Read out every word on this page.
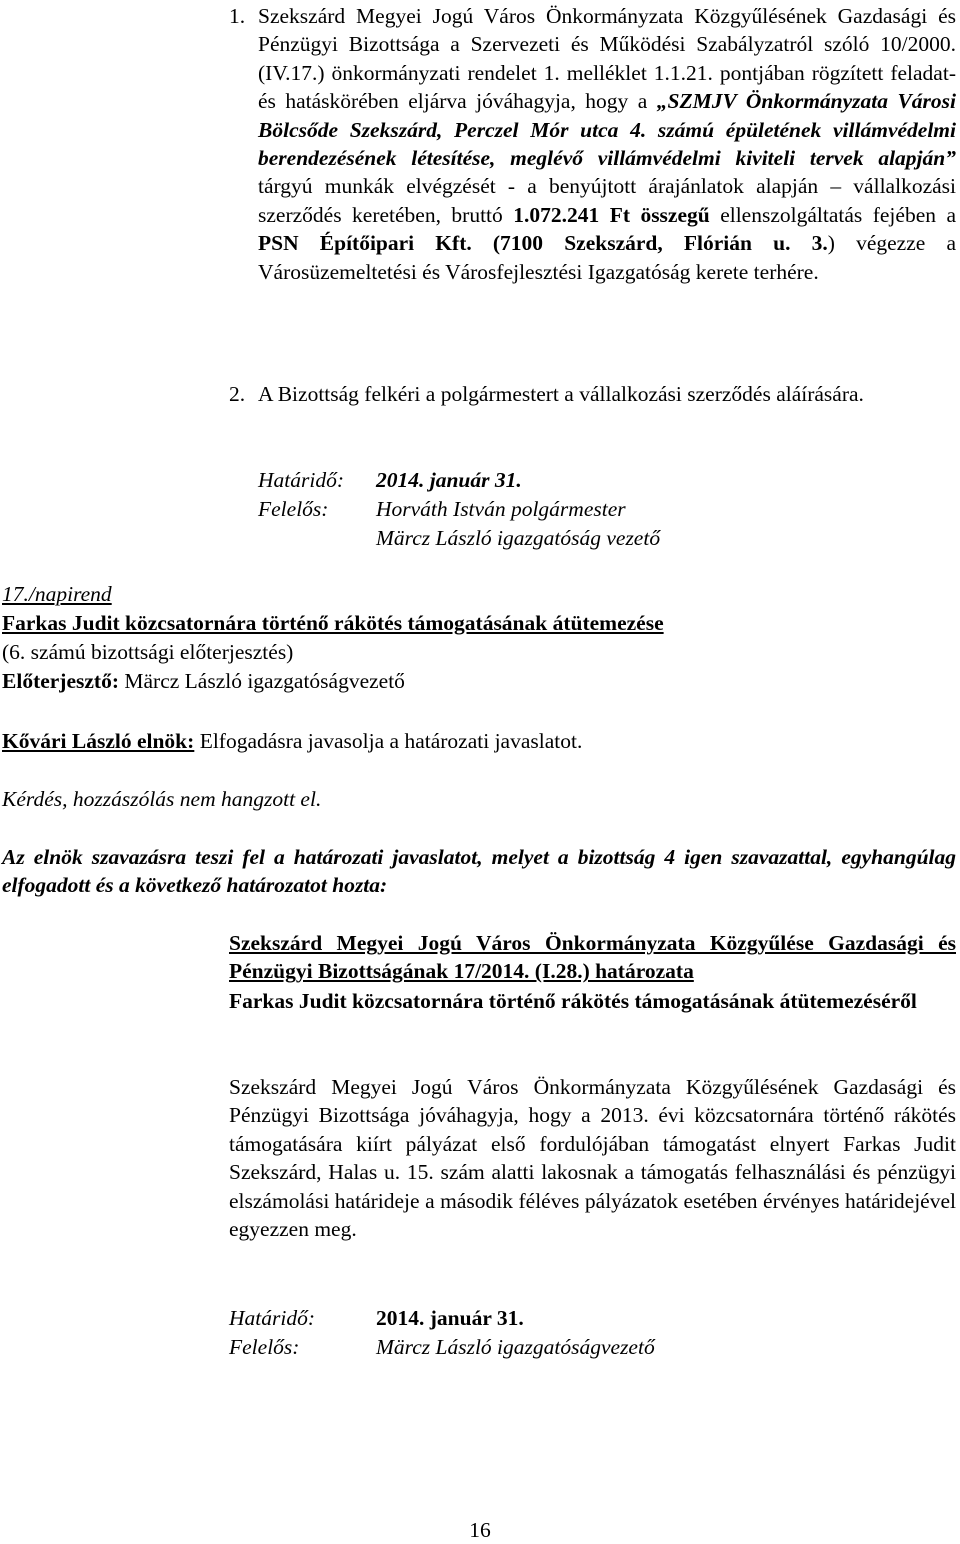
1. Szekszárd Megyei Jogú Város Önkormányzata Közgyűlésének Gazdasági és Pénzügyi Bizottsága a Szervezeti és Működési Szabályzatról szóló 10/2000. (IV.17.) önkormányzati rendelet 1. melléklet 1.1.21. pontjában rögzített feladat- és hatáskörében eljárva jóváhagyja, hogy a „SZMJV Önkormányzata Városi Bölcsőde Szekszárd, Perczel Mór utca 4. számú épületének villámvédelmi berendezésének létesítése, meglévő villámvédelmi kiviteli tervek alapján” tárgyú munkák elvégzését - a benyújtott árajánlatok alapján – vállalkozási szerződés keretében, bruttó 1.072.241 Ft összegű ellenszolgáltatás fejében a PSN Építőipari Kft. (7100 Szekszárd, Flórián u. 3.) végezze a Városüzemeltetési és Városfejlesztési Igazgatóság kerete terhére.

2. A Bizottság felkéri a polgármestert a vállalkozási szerződés aláírására.

Határidő: 2014. január 31.
Felelős: Horváth István polgármester
Märcz László igazgatóság vezető
17./napirend
Farkas Judit közcsatornára történő rákötés támogatásának átütemezése
(6. számú bizottsági előterjesztés)
Előterjesztő: Märcz László igazgatóságvezető
Kővári László elnök: Elfogadásra javasolja a határozati javaslatot.
Kérdés, hozzászólás nem hangzott el.
Az elnök szavazásra teszi fel a határozati javaslatot, melyet a bizottság 4 igen szavazattal, egyhangúlag elfogadott és a következő határozatot hozta:
Szekszárd Megyei Jogú Város Önkormányzata Közgyűlése Gazdasági és Pénzügyi Bizottságának 17/2014. (I.28.) határozata
Farkas Judit közcsatornára történő rákötés támogatásának átütemezéséről
Szekszárd Megyei Jogú Város Önkormányzata Közgyűlésének Gazdasági és Pénzügyi Bizottsága jóváhagyja, hogy a 2013. évi közcsatornára történő rákötés támogatására kiírt pályázat első fordulójában támogatást elnyert Farkas Judit Szekszárd, Halas u. 15. szám alatti lakosnak a támogatás felhasználási és pénzügyi elszámolási határideje a második féléves pályázatok esetében érvényes határidejével egyezzen meg.
Határidő:	2014. január 31.
Felelős:	Märcz László igazgatóságvezető
16
